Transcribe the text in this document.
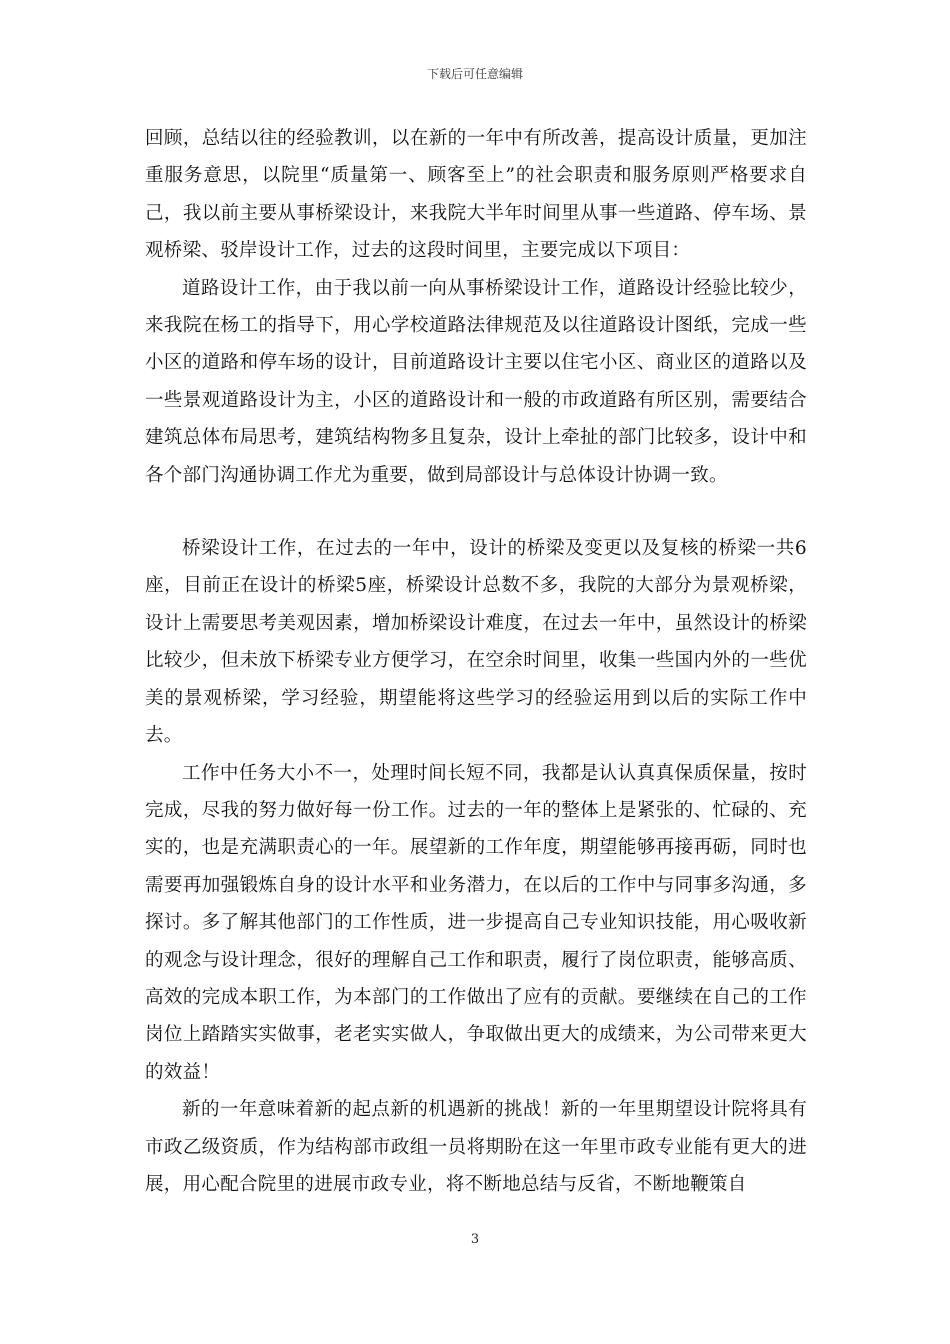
下载后可任意编辑

回顾，总结以往的经验教训，以在新的一年中有所改善，提高设计质量，更加注重服务意思，以院里“质量第一、顾客至上”的社会职责和服务原则严格要求自己，我以前主要从事桥梁设计，来我院大半年时间里从事一些道路、停车场、景观桥梁、驳岸设计工作，过去的这段时间里，主要完成以下项目：

道路设计工作，由于我以前一向从事桥梁设计工作，道路设计经验比较少，来我院在杨工的指导下，用心学校道路法律规范及以往道路设计图纸，完成一些小区的道路和停车场的设计，目前道路设计主要以住宅小区、商业区的道路以及一些景观道路设计为主，小区的道路设计和一般的市政道路有所区别，需要结合建筑总体布局思考，建筑结构物多且复杂，设计上牵扯的部门比较多，设计中和各个部门沟通协调工作尤为重要，做到局部设计与总体设计协调一致。

桥梁设计工作，在过去的一年中，设计的桥梁及变更以及复核的桥梁一共6座，目前正在设计的桥梁5座，桥梁设计总数不多，我院的大部分为景观桥梁，设计上需要思考美观因素，增加桥梁设计难度，在过去一年中，虽然设计的桥梁比较少，但未放下桥梁专业方便学习，在空余时间里，收集一些国内外的一些优美的景观桥梁，学习经验，期望能将这些学习的经验运用到以后的实际工作中去。

工作中任务大小不一，处理时间长短不同，我都是认认真真保质保量，按时完成，尽我的努力做好每一份工作。过去的一年的整体上是紧张的、忙碌的、充实的，也是充满职责心的一年。展望新的工作年度，期望能够再接再砺，同时也需要再加强锻炼自身的设计水平和业务潜力，在以后的工作中与同事多沟通，多探讨。多了解其他部门的工作性质，进一步提高自己专业知识技能，用心吸收新的观念与设计理念，很好的理解自己工作和职责，履行了岗位职责，能够高质、高效的完成本职工作，为本部门的工作做出了应有的贡献。要继续在自己的工作岗位上踏踏实实做事，老老实实做人，争取做出更大的成绩来，为公司带来更大的效益！

新的一年意味着新的起点新的机遇新的挑战！新的一年里期望设计院将具有市政乙级资质，作为结构部市政组一员将期盼在这一年里市政专业能有更大的进展，用心配合院里的进展市政专业，将不断地总结与反省，不断地鞭策自

3
